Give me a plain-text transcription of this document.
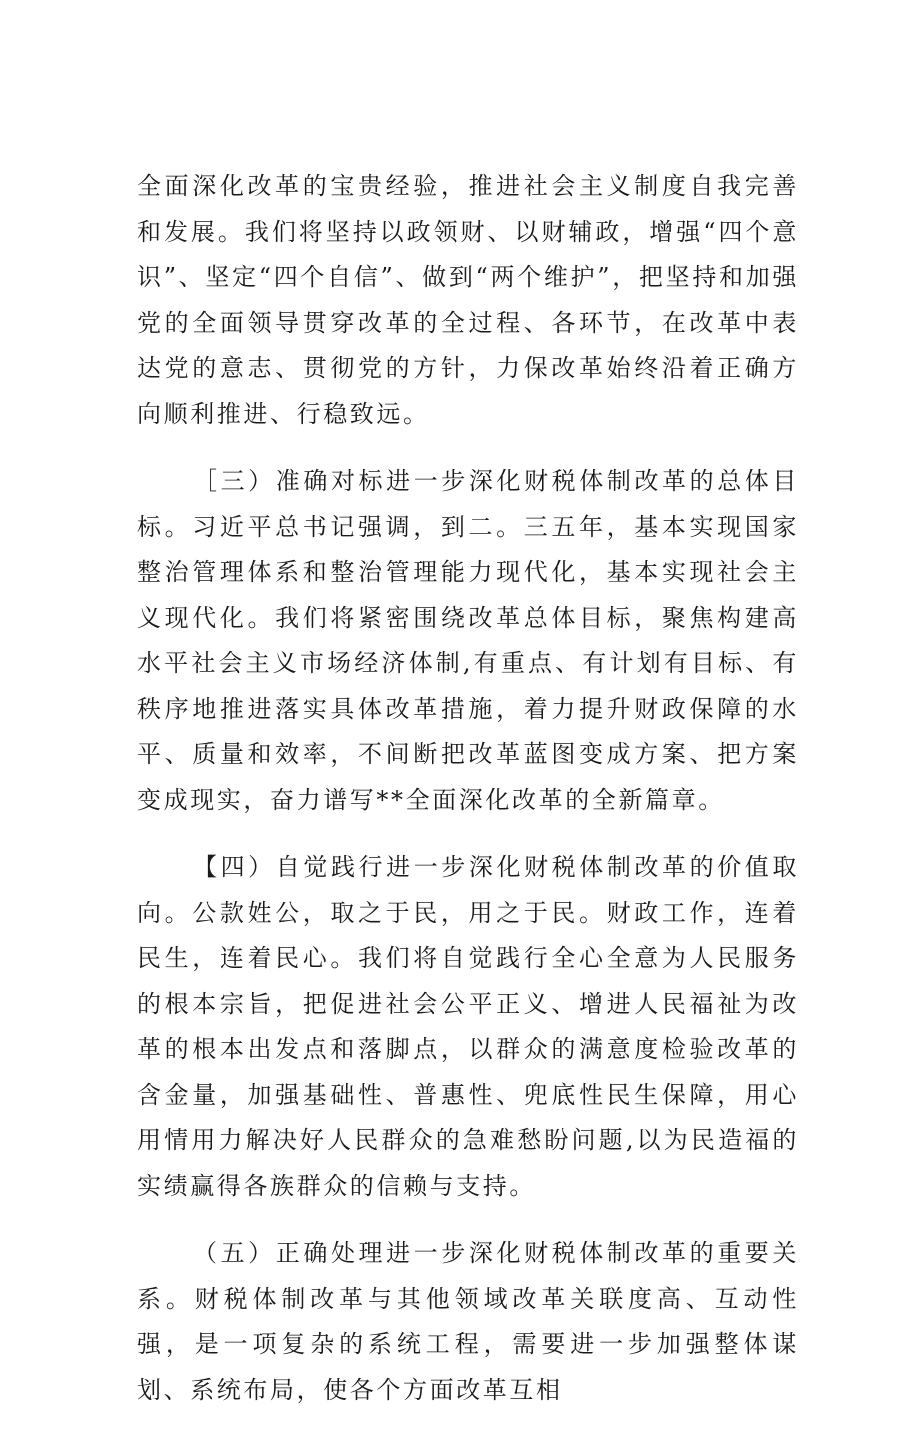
全面深化改革的宝贵经验，推进社会主义制度自我完善和发展。我们将坚持以政领财、以财辅政，增强“四个意识”、坚定“四个自信”、做到“两个维护”，把坚持和加强党的全面领导贯穿改革的全过程、各环节，在改革中表达党的意志、贯彻党的方针，力保改革始终沿着正确方向顺利推进、行稳致远。

［三）准确对标进一步深化财税体制改革的总体目标。习近平总书记强调，到二。三五年，基本实现国家整治管理体系和整治管理能力现代化，基本实现社会主义现代化。我们将紧密围绕改革总体目标，聚焦构建高水平社会主义市场经济体制,有重点、有计划有目标、有秩序地推进落实具体改革措施，着力提升财政保障的水平、质量和效率，不间断把改革蓝图变成方案、把方案变成现实，奋力谱写**全面深化改革的全新篇章。

【四）自觉践行进一步深化财税体制改革的价值取向。公款姓公，取之于民，用之于民。财政工作，连着民生，连着民心。我们将自觉践行全心全意为人民服务的根本宗旨，把促进社会公平正义、增进人民福祉为改革的根本出发点和落脚点，以群众的满意度检验改革的含金量，加强基础性、普惠性、兜底性民生保障，用心用情用力解决好人民群众的急难愁盼问题,以为民造福的实绩赢得各族群众的信赖与支持。

（五）正确处理进一步深化财税体制改革的重要关系。财税体制改革与其他领域改革关联度高、互动性强，是一项复杂的系统工程，需要进一步加强整体谋划、系统布局，使各个方面改革互相
